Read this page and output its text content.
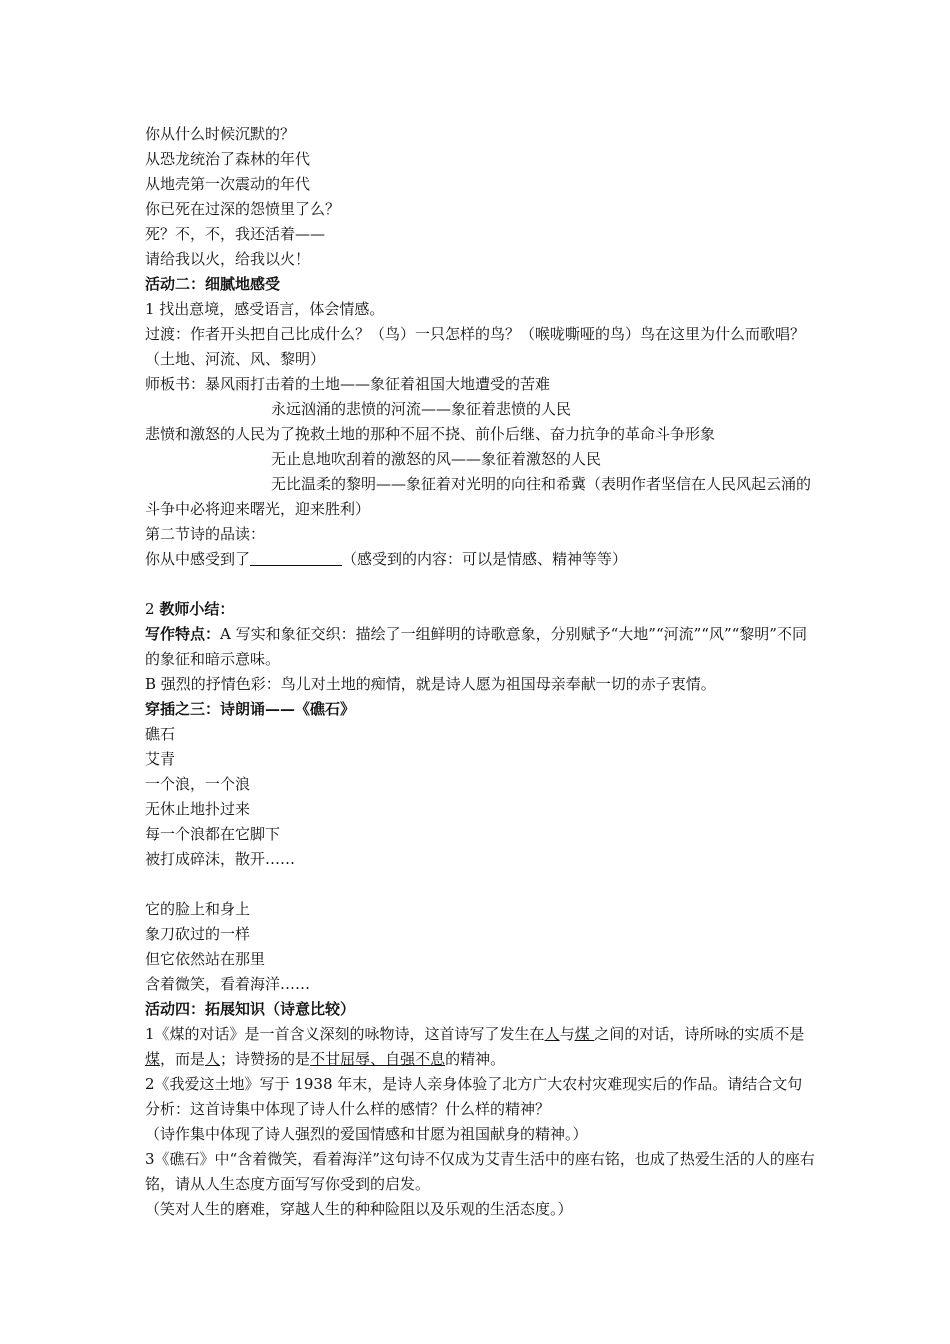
你从什么时候沉默的？
从恐龙统治了森林的年代
从地壳第一次震动的年代
你已死在过深的怨愤里了么？
死？不，不，我还活着——
请给我以火，给我以火！
活动二：细腻地感受
1 找出意境，感受语言，体会情感。
过渡：作者开头把自己比成什么？（鸟）一只怎样的鸟？（喉咙嘶哑的鸟）鸟在这里为什么而歌唱？（土地、河流、风、黎明）
师板书：暴风雨打击着的土地——象征着祖国大地遭受的苦难
永远汹涌的悲愤的河流——象征着悲愤的人民
悲愤和激怒的人民为了挽救土地的那种不屈不挠、前仆后继、奋力抗争的革命斗争形象
无止息地吹刮着的激怒的风——象征着激怒的人民
无比温柔的黎明——象征着对光明的向往和希冀（表明作者坚信在人民风起云涌的斗争中必将迎来曙光，迎来胜利）
第二节诗的品读：
你从中感受到了	（感受到的内容：可以是情感、精神等等）
2 教师小结：
写作特点：A 写实和象征交织：描绘了一组鲜明的诗歌意象，分别赋予“大地”“河流”“风”“黎明”不同的象征和暗示意味。
B 强烈的抒情色彩：鸟儿对土地的痴情，就是诗人愿为祖国母亲奉献一切的赤子衷情。
穿插之三：诗朗诵——《礁石》
礁石
艾青
一个浪，一个浪
无休止地扑过来
每一个浪都在它脚下
被打成碎沫，散开……
它的脸上和身上
象刀砍过的一样
但它依然站在那里
含着微笑，看着海洋……
活动四：拓展知识（诗意比较）
1《煤的对话》是一首含义深刻的咏物诗，这首诗写了发生在人与煤 之间的对话，诗所咏的实质不是煤，而是人；诗赞扬的是不甘屈辱、自强不息的精神。
2《我爱这土地》写于 1938 年末，是诗人亲身体验了北方广大农村灾难现实后的作品。请结合文句分析：这首诗集中体现了诗人什么样的感情？什么样的精神？
（诗作集中体现了诗人强烈的爱国情感和甘愿为祖国献身的精神。）
3《礁石》中“含着微笑，看着海洋”这句诗不仅成为艾青生活中的座右铭，也成了热爱生活的人的座右铭，请从人生态度方面写写你受到的启发。
（笑对人生的磨难，穿越人生的种种险阻以及乐观的生活态度。）
